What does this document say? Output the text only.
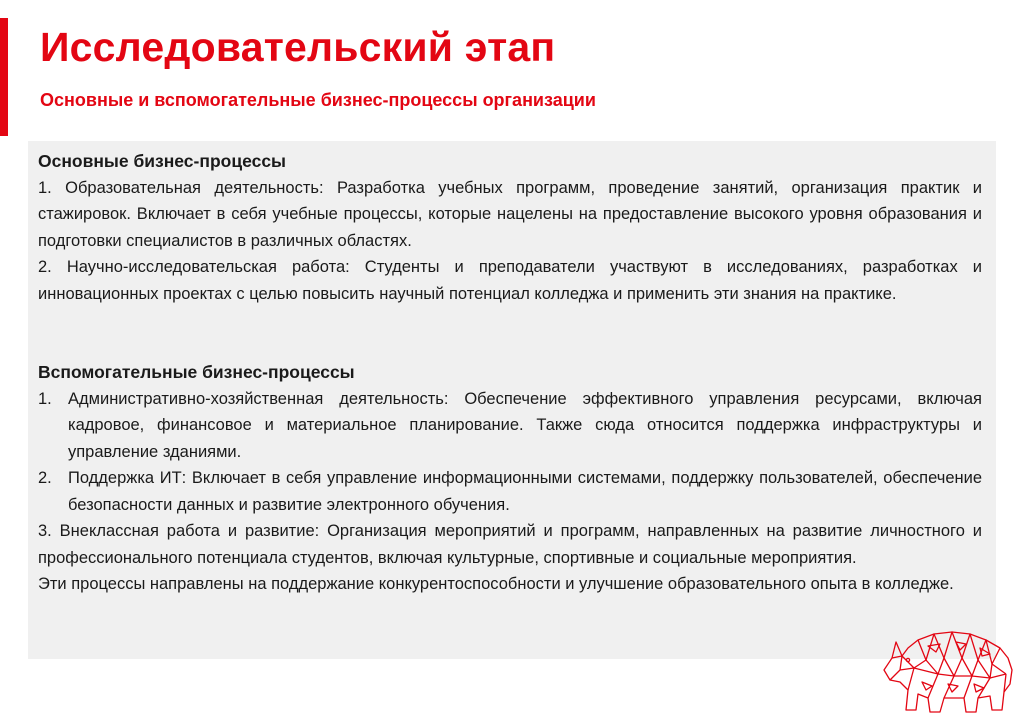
Исследовательский этап
Основные и вспомогательные бизнес-процессы организации

Основные бизнес-процессы

1. Образовательная деятельность: Разработка учебных программ, проведение занятий, организация практик и стажировок. Включает в себя учебные процессы, которые нацелены на предоставление высокого уровня образования и подготовки специалистов в различных областях.

2. Научно-исследовательская работа: Студенты и преподаватели участвуют в исследованиях, разработках и инновационных проектах с целью повысить научный потенциал колледжа и применить эти знания на практике.

Вспомогательные бизнес-процессы

1. Административно-хозяйственная деятельность: Обеспечение эффективного управления ресурсами, включая кадровое, финансовое и материальное планирование. Также сюда относится поддержка инфраструктуры и управление зданиями.
2. Поддержка ИТ: Включает в себя управление информационными системами, поддержку пользователей, обеспечение безопасности данных и развитие электронного обучения.

3. Внеклассная работа и развитие: Организация мероприятий и программ, направленных на развитие личностного и профессионального потенциала студентов, включая культурные, спортивные и социальные мероприятия.

Эти процессы направлены на поддержание конкурентоспособности и улучшение образовательного опыта в колледже.
